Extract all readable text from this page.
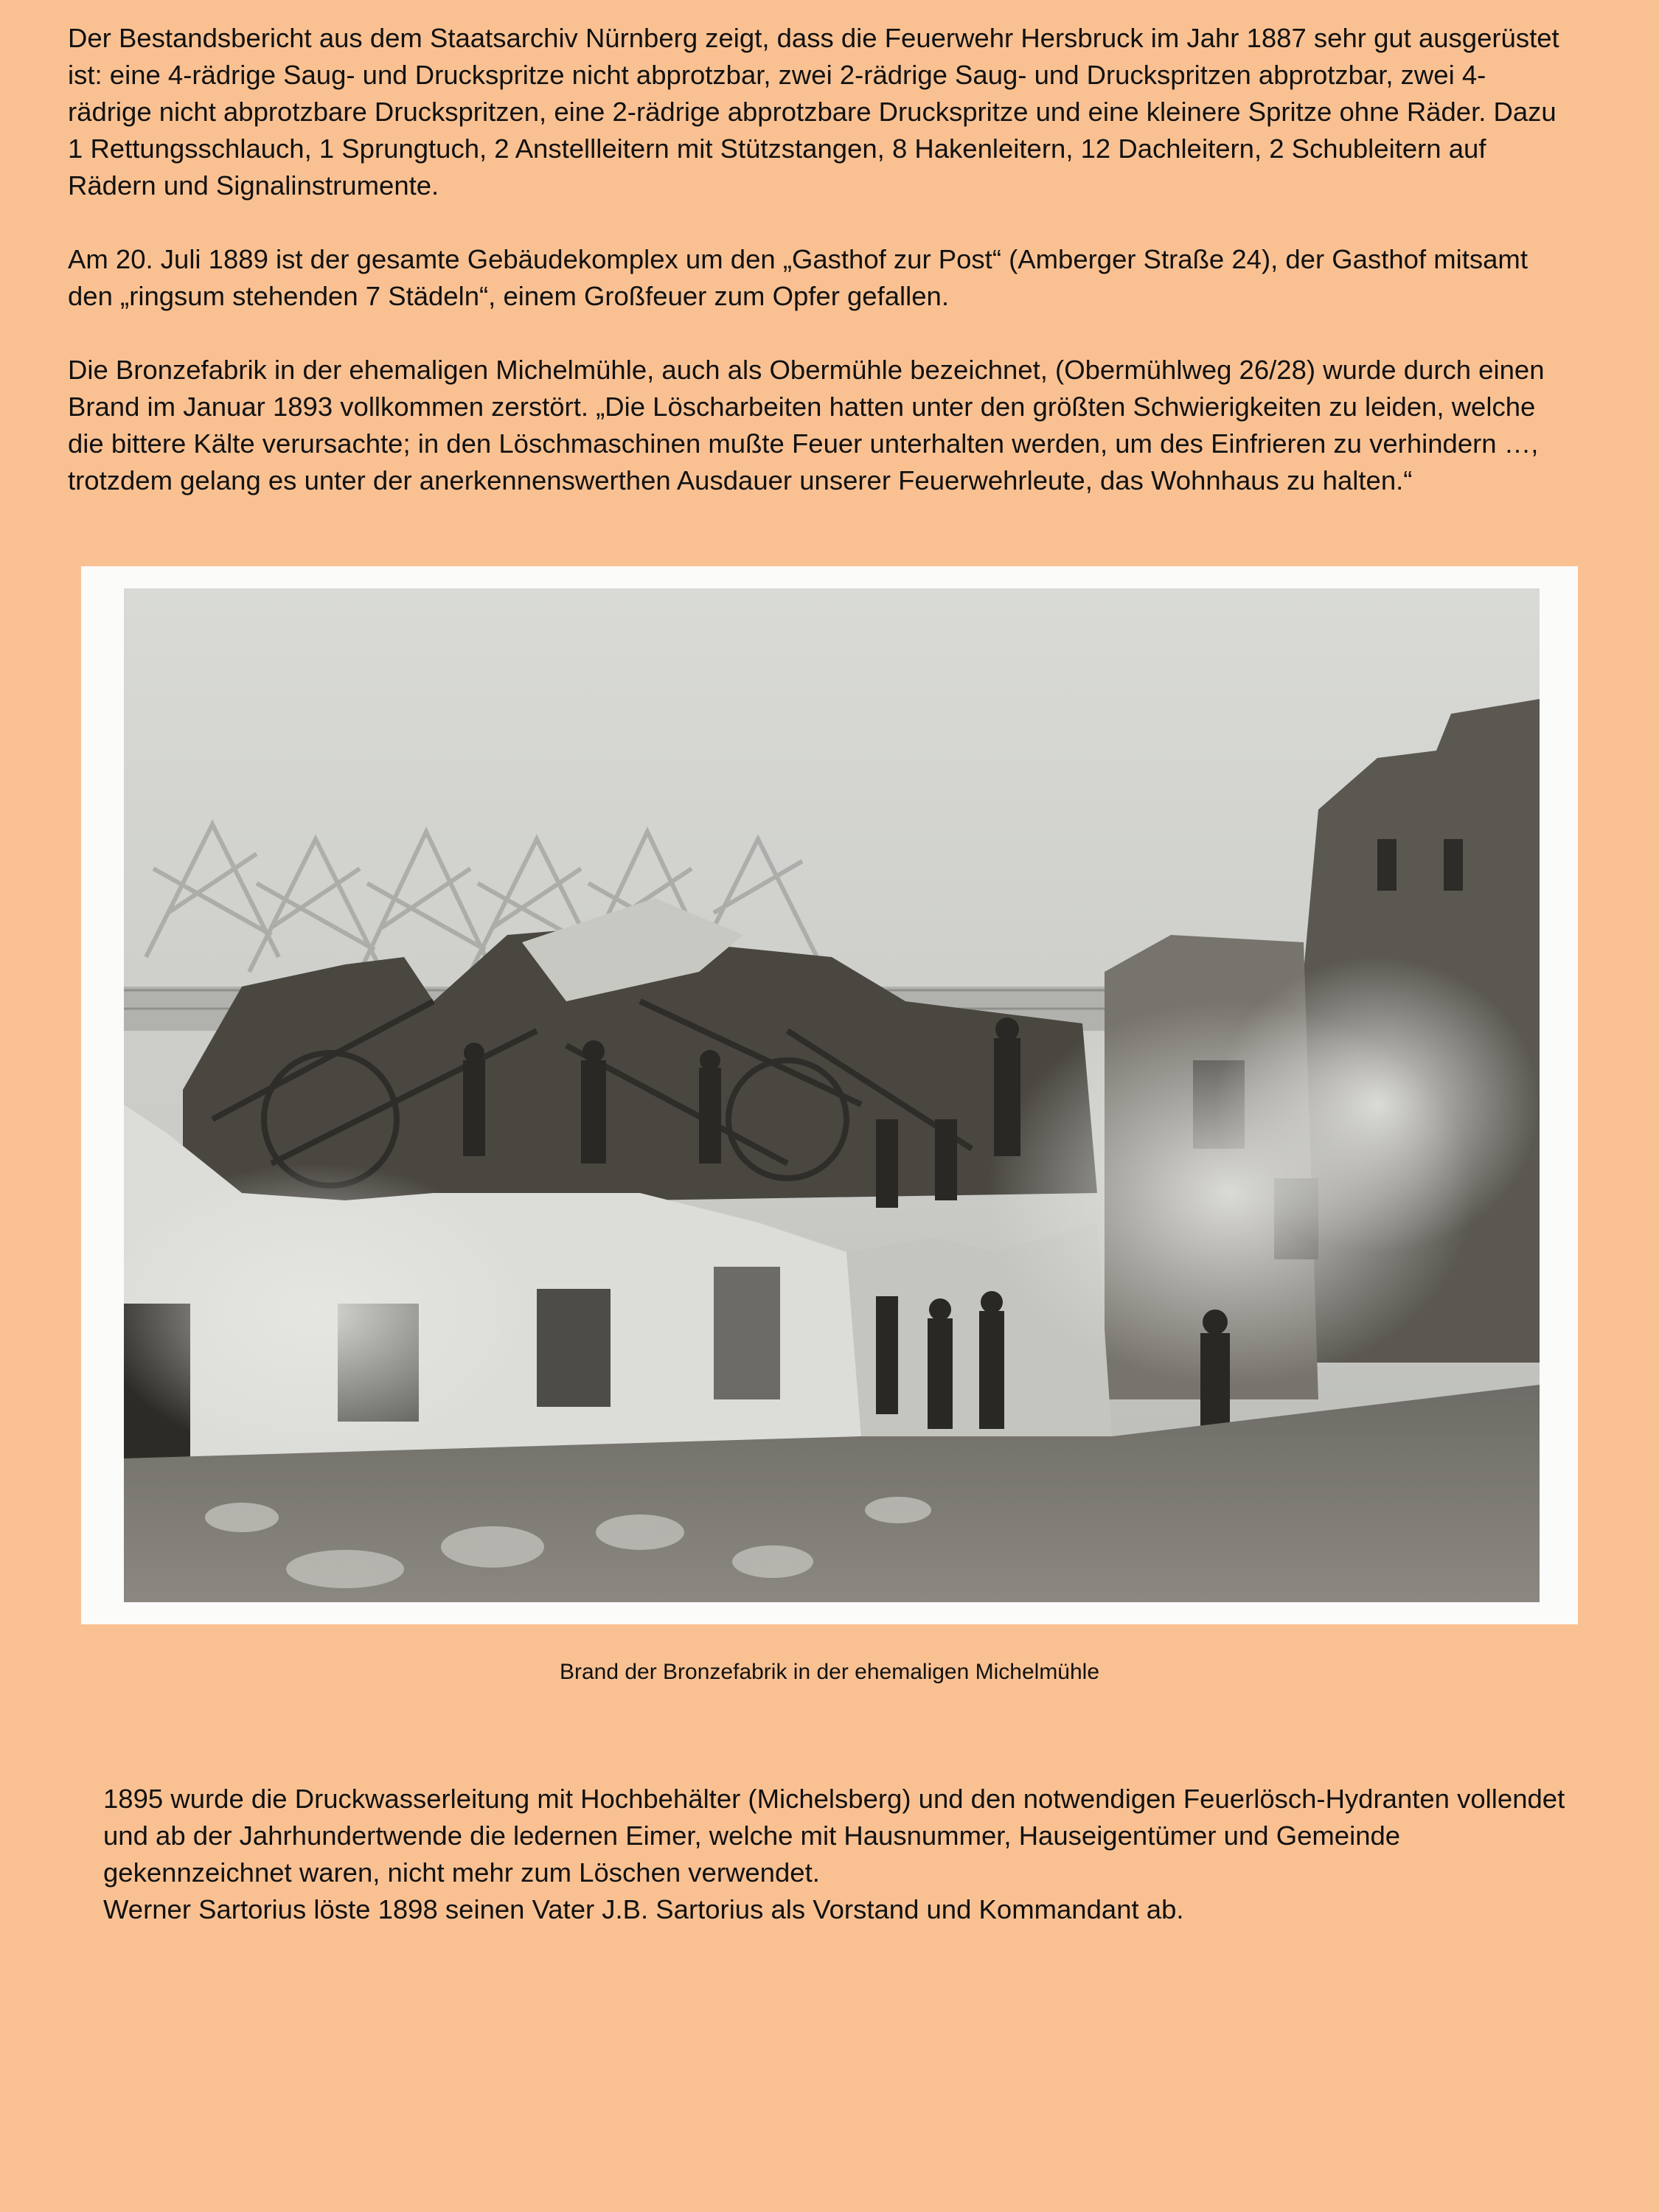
Der Bestandsbericht aus dem Staatsarchiv Nürnberg zeigt, dass die Feuerwehr Hersbruck im Jahr 1887 sehr gut ausgerüstet ist: eine 4-rädrige Saug- und Druckspritze nicht abprotzbar, zwei 2-rädrige Saug- und Druckspritzen abprotzbar, zwei 4-rädrige nicht abprotzbare Druckspritzen, eine 2-rädrige abprotzbare Druckspritze und eine kleinere Spritze ohne Räder. Dazu 1 Rettungsschlauch, 1 Sprungtuch, 2 Anstellleitern mit Stützstangen, 8 Hakenleitern, 12 Dachleitern, 2 Schubleitern auf Rädern und Signalinstrumente.

Am 20. Juli 1889 ist der gesamte Gebäudekomplex um den „Gasthof zur Post“ (Amberger Straße 24), der Gasthof mitsamt den „ringsum stehenden 7 Städeln“, einem Großfeuer zum Opfer gefallen.

Die Bronzefabrik in der ehemaligen Michelmühle, auch als Obermühle bezeichnet, (Obermühlweg 26/28) wurde durch einen Brand im Januar 1893 vollkommen zerstört. „Die Löscharbeiten hatten unter den größten Schwierigkeiten zu leiden, welche die bittere Kälte verursachte; in den Löschmaschinen mußte Feuer unterhalten werden, um des Einfrieren zu verhindern …, trotzdem gelang es unter der anerkennenswerthen Ausdauer unserer Feuerwehrleute, das Wohnhaus zu halten.“

Brand der Bronzefabrik in der ehemaligen Michelmühle

1895 wurde die Druckwasserleitung mit Hochbehälter (Michelsberg) und den notwendigen Feuerlösch-Hydranten vollendet und ab der Jahrhundertwende die ledernen Eimer, welche mit Hausnummer, Hauseigentümer und Gemeinde gekennzeichnet waren, nicht mehr zum Löschen verwendet.

Werner Sartorius löste 1898 seinen Vater J.B. Sartorius als Vorstand und Kommandant ab.
